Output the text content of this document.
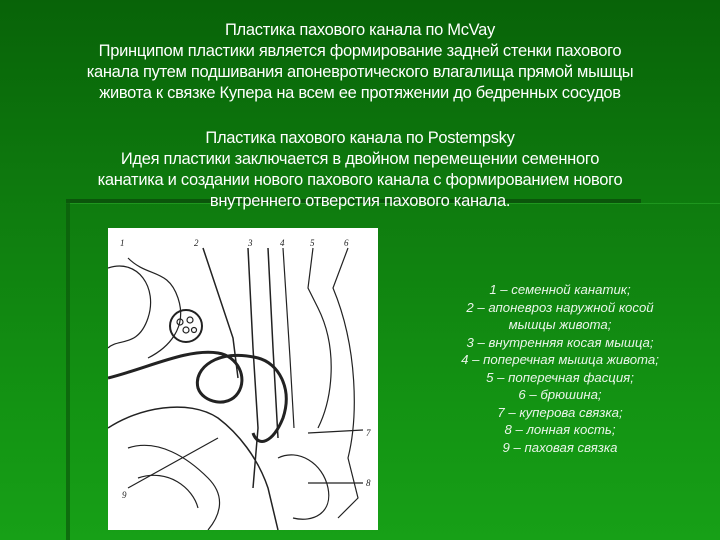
Пластика пахового канала по McVay
Принципом пластики является формирование задней стенки пахового
канала путем подшивания апоневротического влагалища прямой мышцы
живота к связке Купера на всем ее протяжении до бедренных сосудов
Пластика пахового канала по Postempsky
Идея пластики заключается в двойном перемещении семенного
канатика и создании нового пахового канала с формированием нового
внутреннего отверстия пахового канала.
1	2	3	4	5	6
7
8
9
1 – семенной канатик;
2 – апоневроз наружной косой
мышцы живота;
3 – внутренняя косая мышца;
4 – поперечная мышца живота;
5 – поперечная фасция;
6 – брюшина;
7 – куперова связка;
8 – лонная кость;
9 – паховая связка
